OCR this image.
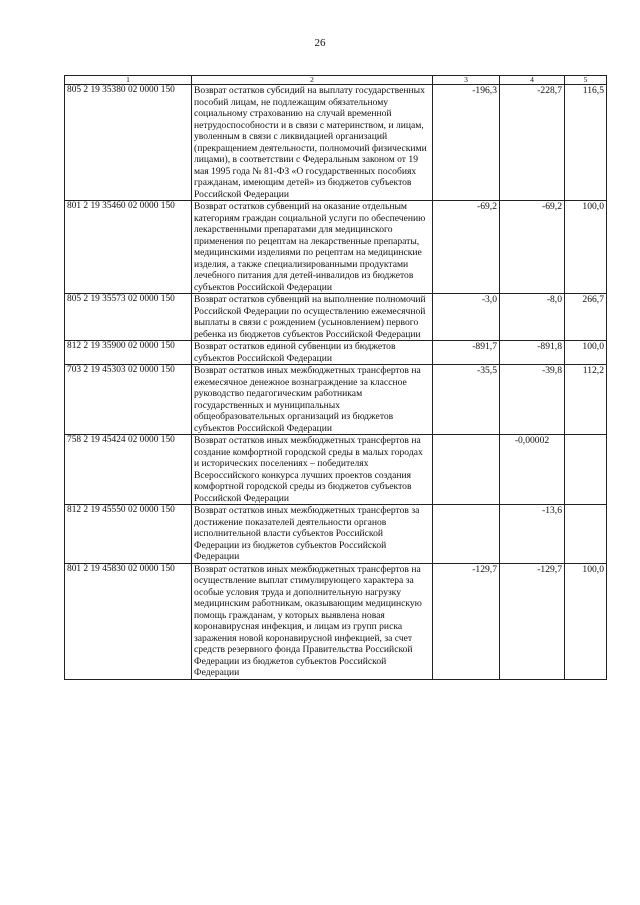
26
1	2	3	4	5
805 2 19 35380 02 0000 150	Возврат остатков субсидий на выплату государственных пособий лицам, не подлежащим обязательному социальному страхованию на случай временной нетрудоспособности и в связи с материнством, и лицам, уволенным в связи с ликвидацией организаций (прекращением деятельности, полномочий физическими лицами), в соответствии с Федеральным законом от 19 мая 1995 года № 81-ФЗ «О государственных пособиях гражданам, имеющим детей» из бюджетов субъектов Российской Федерации	-196,3	-228,7	116,5
801 2 19 35460 02 0000 150	Возврат остатков субвенций на оказание отдельным категориям граждан социальной услуги по обеспечению лекарственными препаратами для медицинского применения по рецептам на лекарственные препараты, медицинскими изделиями по рецептам на медицинские изделия, а также специализированными продуктами лечебного питания для детей-инвалидов из бюджетов субъектов Российской Федерации	-69,2	-69,2	100,0
805 2 19 35573 02 0000 150	Возврат остатков субвенций на выполнение полномочий Российской Федерации по осуществлению ежемесячной выплаты в связи с рождением (усыновлением) первого ребенка из бюджетов субъектов Российской Федерации	-3,0	-8,0	266,7
812 2 19 35900 02 0000 150	Возврат остатков единой субвенции из бюджетов субъектов Российской Федерации	-891,7	-891,8	100,0
703 2 19 45303 02 0000 150	Возврат остатков иных межбюджетных трансфертов на ежемесячное денежное вознаграждение за классное руководство педагогическим работникам государственных и муниципальных общеобразовательных организаций из бюджетов субъектов Российской Федерации	-35,5	-39,8	112,2
758 2 19 45424 02 0000 150	Возврат остатков иных межбюджетных трансфертов на создание комфортной городской среды в малых городах и исторических поселениях – победителях Всероссийского конкурса лучших проектов создания комфортной городской среды из бюджетов субъектов Российской Федерации		-0,00002	
812 2 19 45550 02 0000 150	Возврат остатков иных межбюджетных трансфертов за достижение показателей деятельности органов исполнительной власти субъектов Российской Федерации из бюджетов субъектов Российской Федерации		-13,6	
801 2 19 45830 02 0000 150	Возврат остатков иных межбюджетных трансфертов на осуществление выплат стимулирующего характера за особые условия труда и дополнительную нагрузку медицинским работникам, оказывающим медицинскую помощь гражданам, у которых выявлена новая коронавирусная инфекция, и лицам из групп риска заражения новой коронавирусной инфекцией, за счет средств резервного фонда Правительства Российской Федерации из бюджетов субъектов Российской Федерации	-129,7	-129,7	100,0
